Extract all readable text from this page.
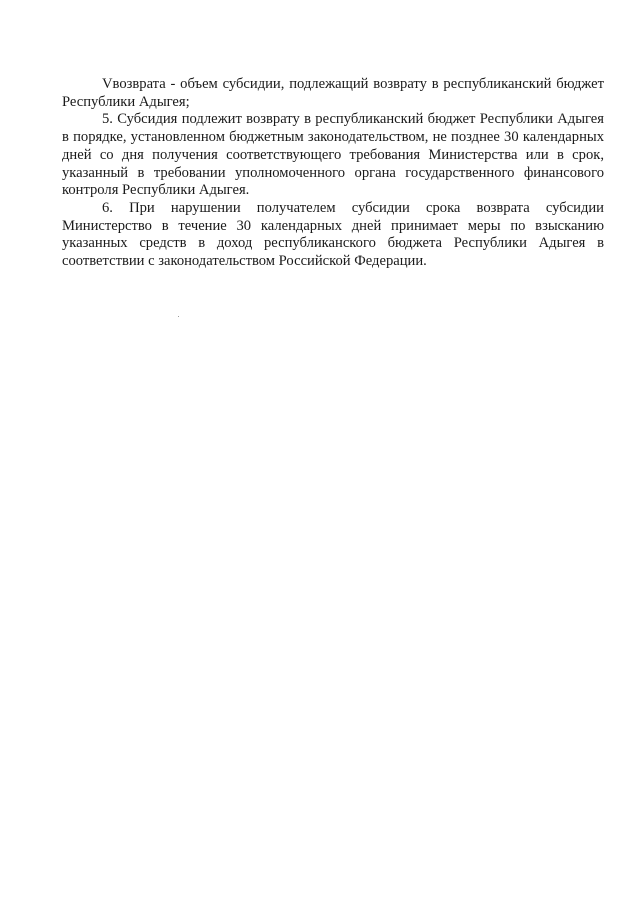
Vвозврата - объем субсидии, подлежащий возврату в республиканский бюджет Республики Адыгея;

5. Субсидия подлежит возврату в республиканский бюджет Республики Адыгея в порядке, установленном бюджетным законодательством, не позднее 30 календарных дней со дня получения соответствующего требования Министерства или в срок, указанный в требовании уполномоченного органа государственного финансового контроля Республики Адыгея.

6. При нарушении получателем субсидии срока возврата субсидии Министерство в течение 30 календарных дней принимает меры по взысканию указанных средств в доход республиканского бюджета Республики Адыгея в соответствии с законодательством Российской Федерации.
